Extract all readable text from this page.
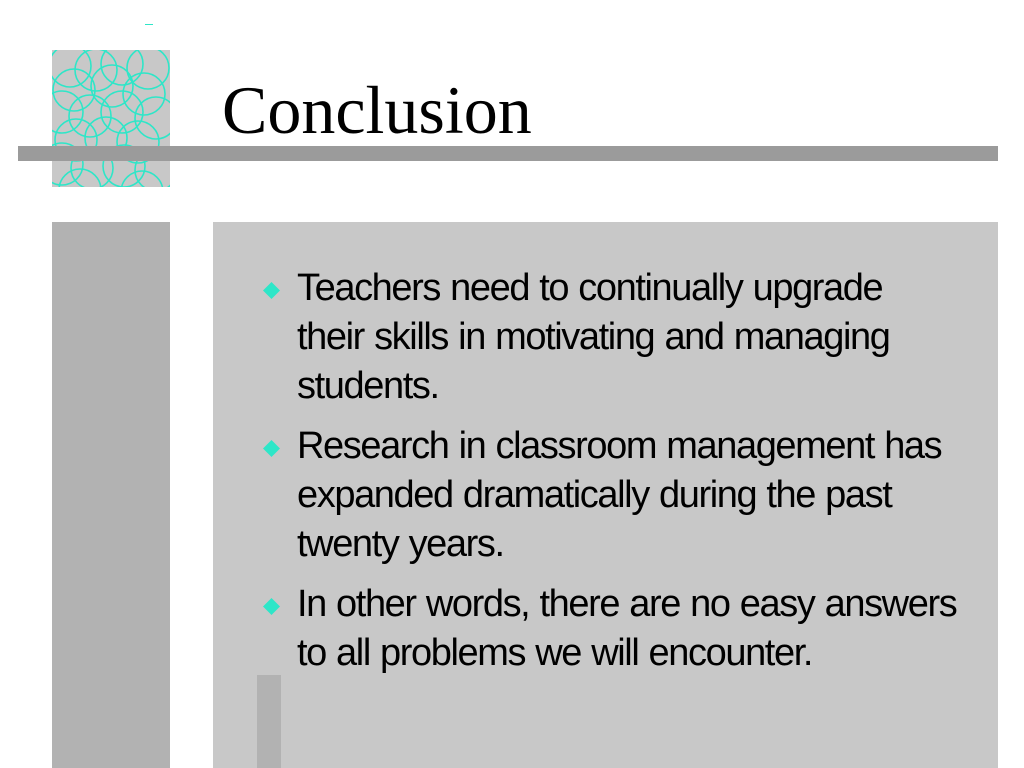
Conclusion
Teachers need to continually upgrade their skills in motivating and managing students.
Research in classroom management has expanded dramatically during the past twenty years.
In other words, there are no easy answers to all problems we will encounter.
